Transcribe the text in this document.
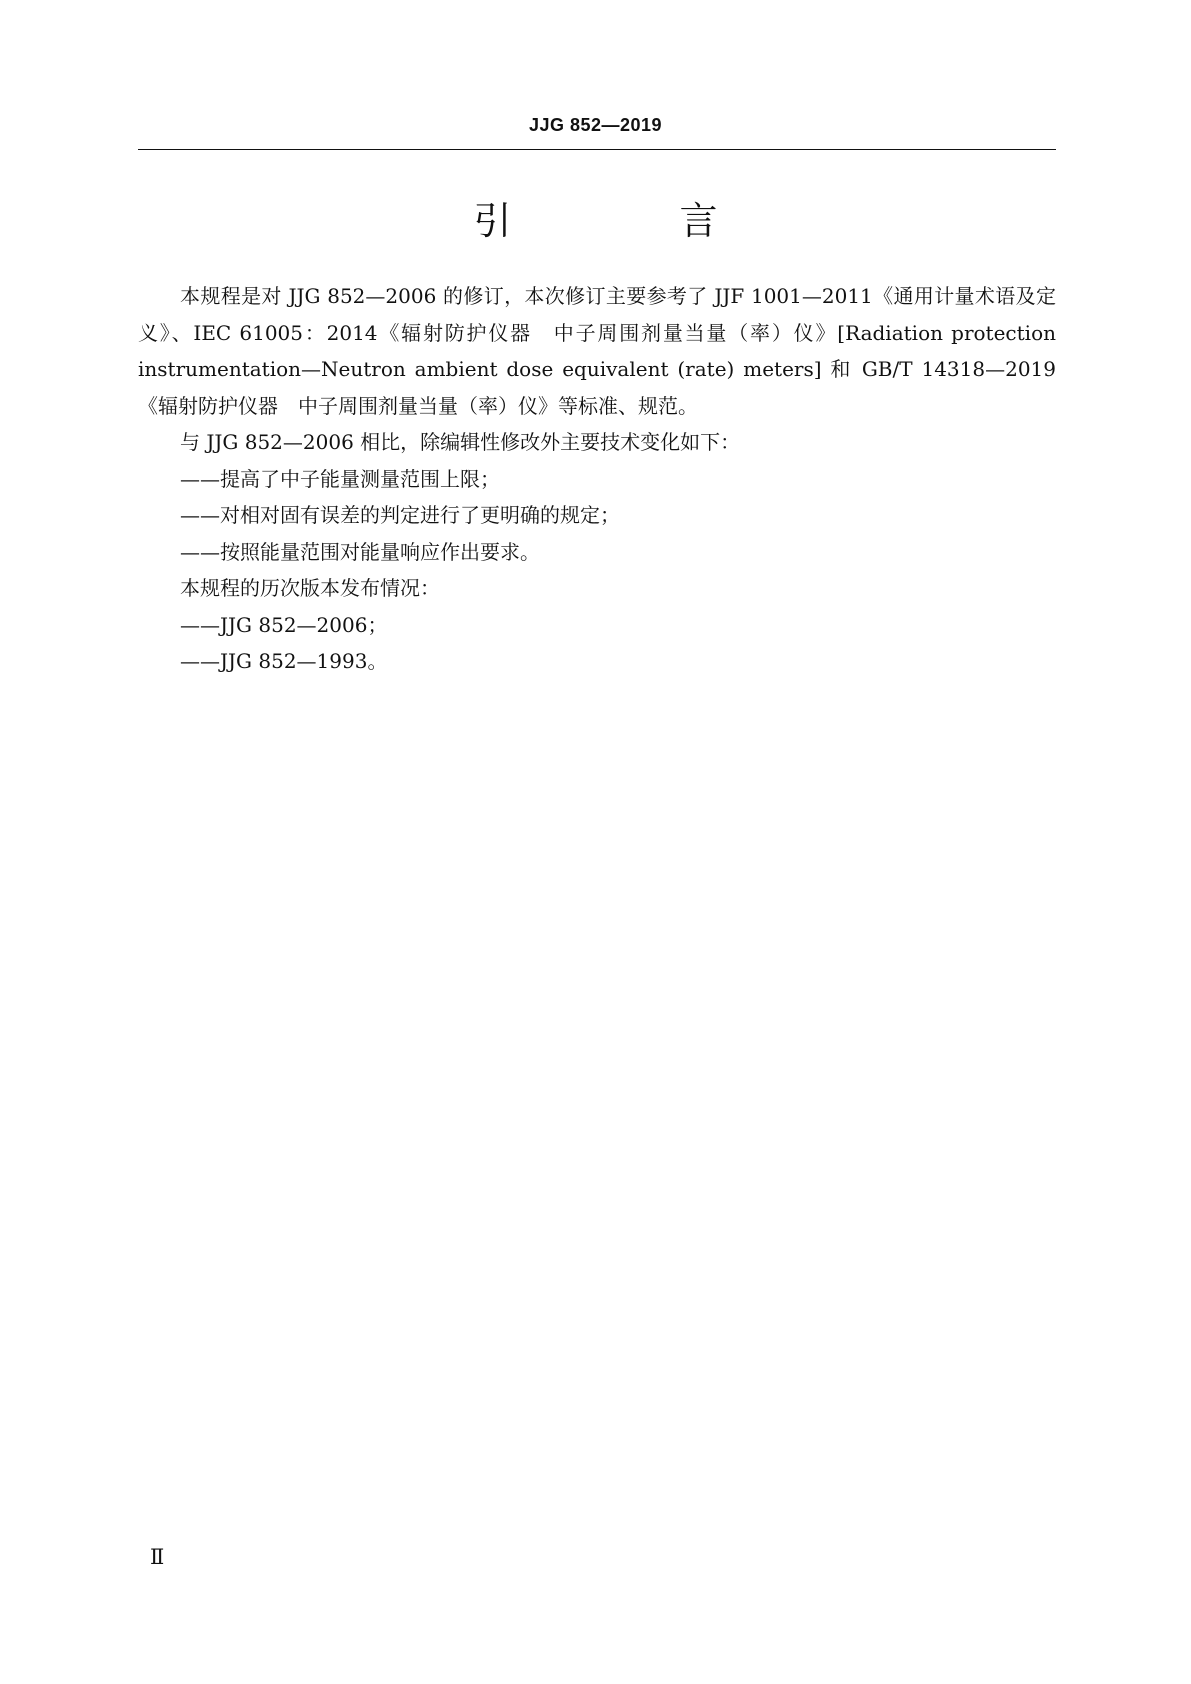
JJG 852—2019
引 言

本规程是对 JJG 852—2006 的修订，本次修订主要参考了 JJF 1001—2011《通用计量术语及定义》、IEC 61005：2014《辐射防护仪器　中子周围剂量当量（率）仪》[Radiation protection instrumentation—Neutron ambient dose equivalent (rate) meters] 和 GB/T 14318—2019《辐射防护仪器　中子周围剂量当量（率）仪》等标准、规范。

与 JJG 852—2006 相比，除编辑性修改外主要技术变化如下：

——提高了中子能量测量范围上限；

——对相对固有误差的判定进行了更明确的规定；

——按照能量范围对能量响应作出要求。

本规程的历次版本发布情况：

——JJG 852—2006；

——JJG 852—1993。

Ⅱ
